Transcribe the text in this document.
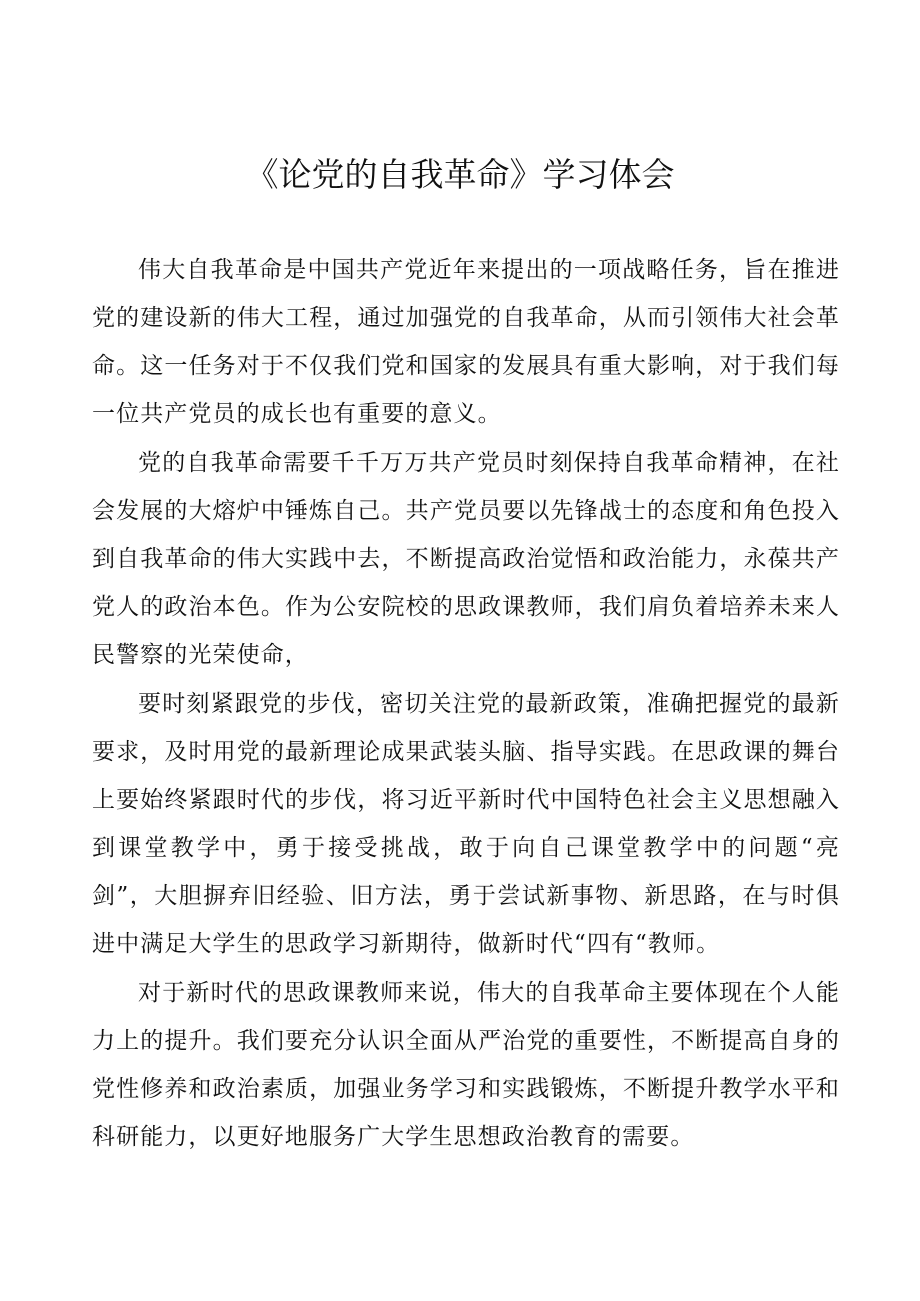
《论党的自我革命》学习体会

伟大自我革命是中国共产党近年来提出的一项战略任务，旨在推进党的建设新的伟大工程，通过加强党的自我革命，从而引领伟大社会革命。这一任务对于不仅我们党和国家的发展具有重大影响，对于我们每一位共产党员的成长也有重要的意义。

党的自我革命需要千千万万共产党员时刻保持自我革命精神，在社会发展的大熔炉中锤炼自己。共产党员要以先锋战士的态度和角色投入到自我革命的伟大实践中去，不断提高政治觉悟和政治能力，永葆共产党人的政治本色。作为公安院校的思政课教师，我们肩负着培养未来人民警察的光荣使命，

要时刻紧跟党的步伐，密切关注党的最新政策，准确把握党的最新要求，及时用党的最新理论成果武装头脑、指导实践。在思政课的舞台上要始终紧跟时代的步伐，将习近平新时代中国特色社会主义思想融入到课堂教学中，勇于接受挑战，敢于向自己课堂教学中的问题“亮剑”，大胆摒弃旧经验、旧方法，勇于尝试新事物、新思路，在与时俱进中满足大学生的思政学习新期待，做新时代“四有“教师。

对于新时代的思政课教师来说，伟大的自我革命主要体现在个人能力上的提升。我们要充分认识全面从严治党的重要性，不断提高自身的党性修养和政治素质，加强业务学习和实践锻炼，不断提升教学水平和科研能力，以更好地服务广大学生思想政治教育的需要。
